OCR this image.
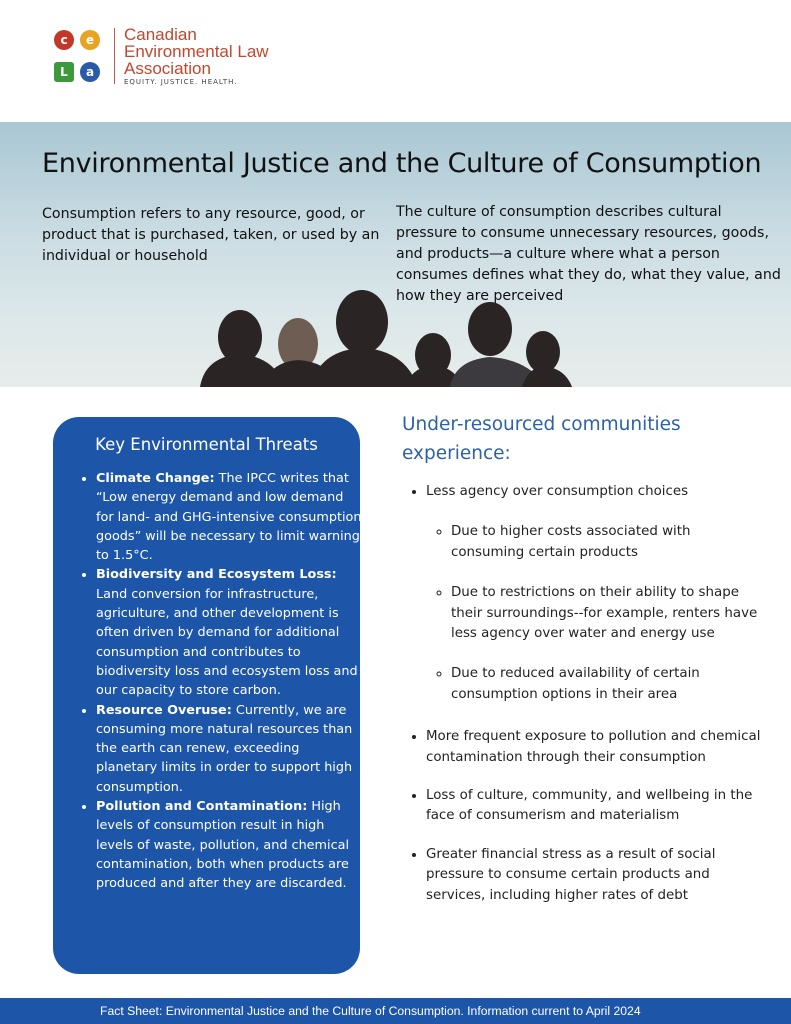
c	e
L	a
Canadian
Environmental Law
Association
EQUITY. JUSTICE. HEALTH.
Environmental Justice and the Culture of Consumption

Consumption refers to any resource, good, or product that is purchased, taken, or used by an individual or household

The culture of consumption describes cultural pressure to consume unnecessary resources, goods, and products—a culture where what a person consumes defines what they do, what they value, and how they are perceived

Key Environmental Threats
• Climate Change: The IPCC writes that “Low energy demand and low demand for land- and GHG-intensive consumption goods” will be necessary to limit warning to 1.5°C.
• Biodiversity and Ecosystem Loss: Land conversion for infrastructure, agriculture, and other development is often driven by demand for additional consumption and contributes to biodiversity loss and ecosystem loss and our capacity to store carbon.
• Resource Overuse: Currently, we are consuming more natural resources than the earth can renew, exceeding planetary limits in order to support high consumption.
• Pollution and Contamination: High levels of consumption result in high levels of waste, pollution, and chemical contamination, both when products are produced and after they are discarded.
Under-resourced communities experience:
• Less agency over consumption choices
◦ Due to higher costs associated with consuming certain products
◦ Due to restrictions on their ability to shape their surroundings--for example, renters have less agency over water and energy use
◦ Due to reduced availability of certain consumption options in their area
• More frequent exposure to pollution and chemical contamination through their consumption
• Loss of culture, community, and wellbeing in the face of consumerism and materialism
• Greater financial stress as a result of social pressure to consume certain products and services, including higher rates of debt
Fact Sheet: Environmental Justice and the Culture of Consumption. Information current to April 2024
